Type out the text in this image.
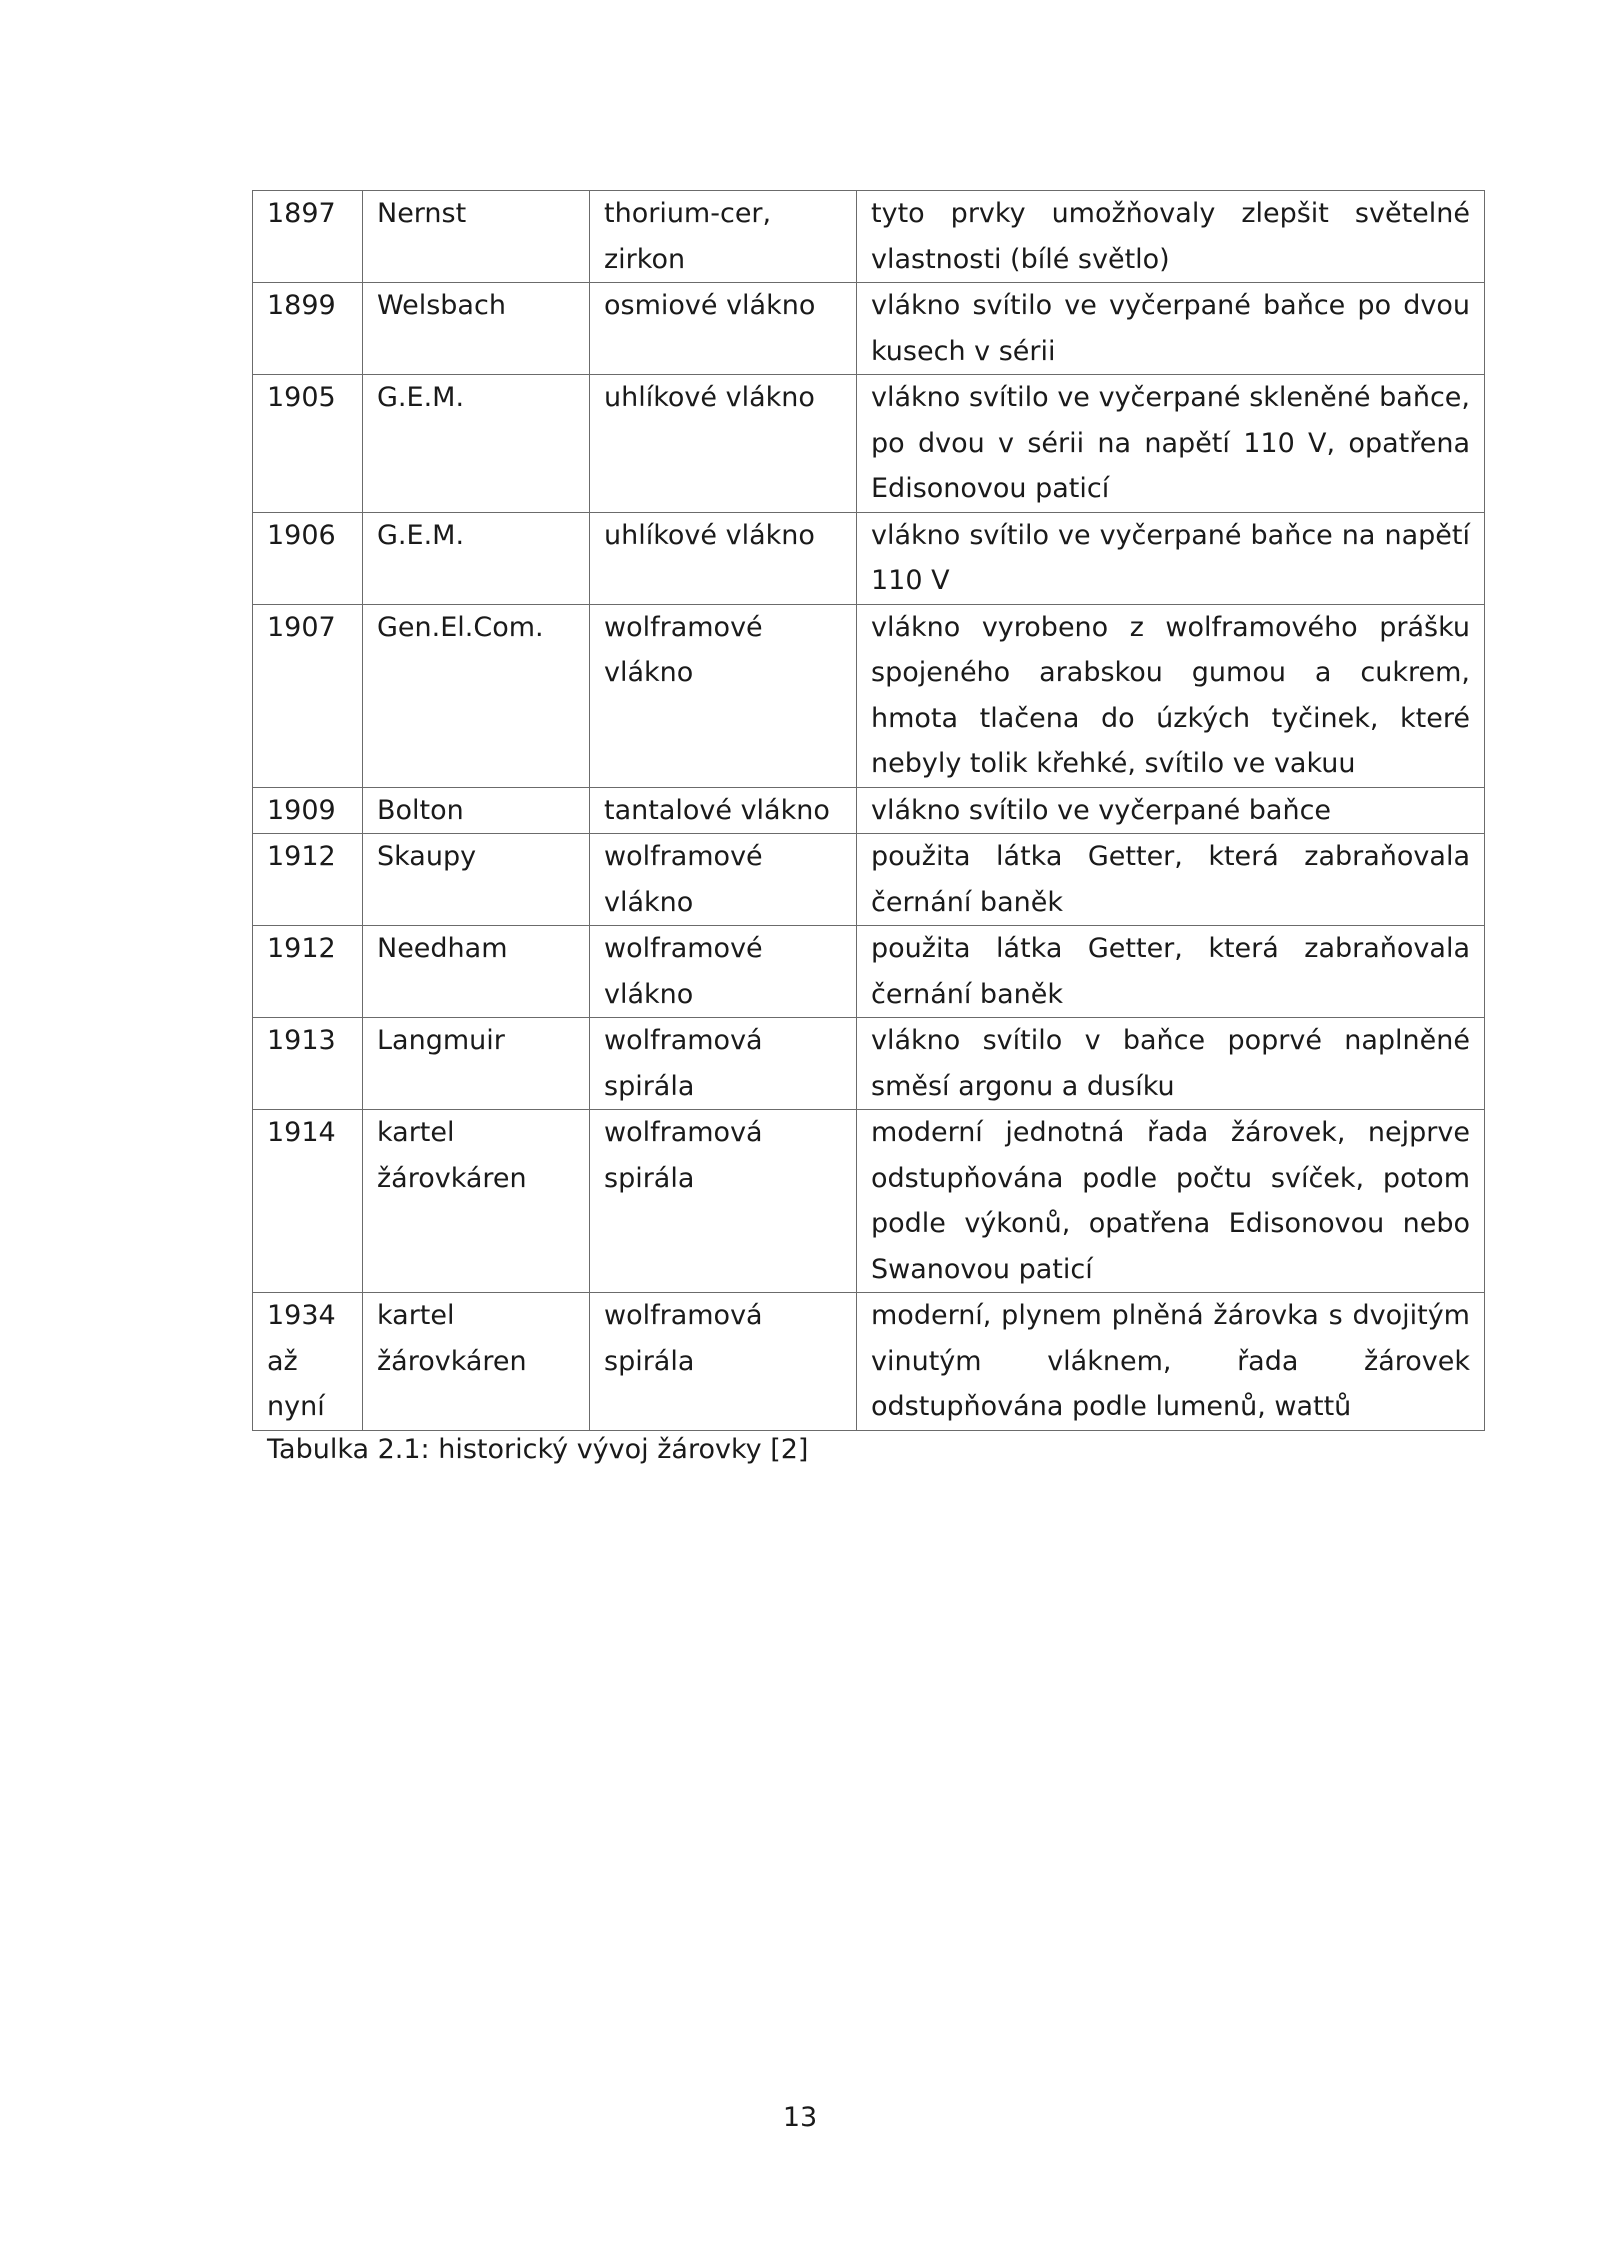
1897	Nernst	thorium-cer, zirkon	tyto prvky umožňovaly zlepšit světelné vlastnosti (bílé světlo)
1899	Welsbach	osmiové vlákno	vlákno svítilo ve vyčerpané baňce po dvou kusech v sérii
1905	G.E.M.	uhlíkové vlákno	vlákno svítilo ve vyčerpané skleněné baňce, po dvou v sérii na napětí 110 V, opatřena Edisonovou paticí
1906	G.E.M.	uhlíkové vlákno	vlákno svítilo ve vyčerpané baňce na napětí 110 V
1907	Gen.El.Com.	wolframové vlákno	vlákno vyrobeno z wolframového prášku spojeného arabskou gumou a cukrem, hmota tlačena do úzkých tyčinek, které nebyly tolik křehké, svítilo ve vakuu
1909	Bolton	tantalové vlákno	vlákno svítilo ve vyčerpané baňce
1912	Skaupy	wolframové vlákno	použita látka Getter, která zabraňovala černání baněk
1912	Needham	wolframové vlákno	použita látka Getter, která zabraňovala černání baněk
1913	Langmuir	wolframová spirála	vlákno svítilo v baňce poprvé naplněné směsí argonu a dusíku
1914	kartel žárovkáren	wolframová spirála	moderní jednotná řada žárovek, nejprve odstupňována podle počtu svíček, potom podle výkonů, opatřena Edisonovou nebo Swanovou paticí
1934 až nyní	kartel žárovkáren	wolframová spirála	moderní, plynem plněná žárovka s dvojitým vinutým vláknem, řada žárovek odstupňována podle lumenů, wattů
Tabulka 2.1: historický vývoj žárovky [2]
13
